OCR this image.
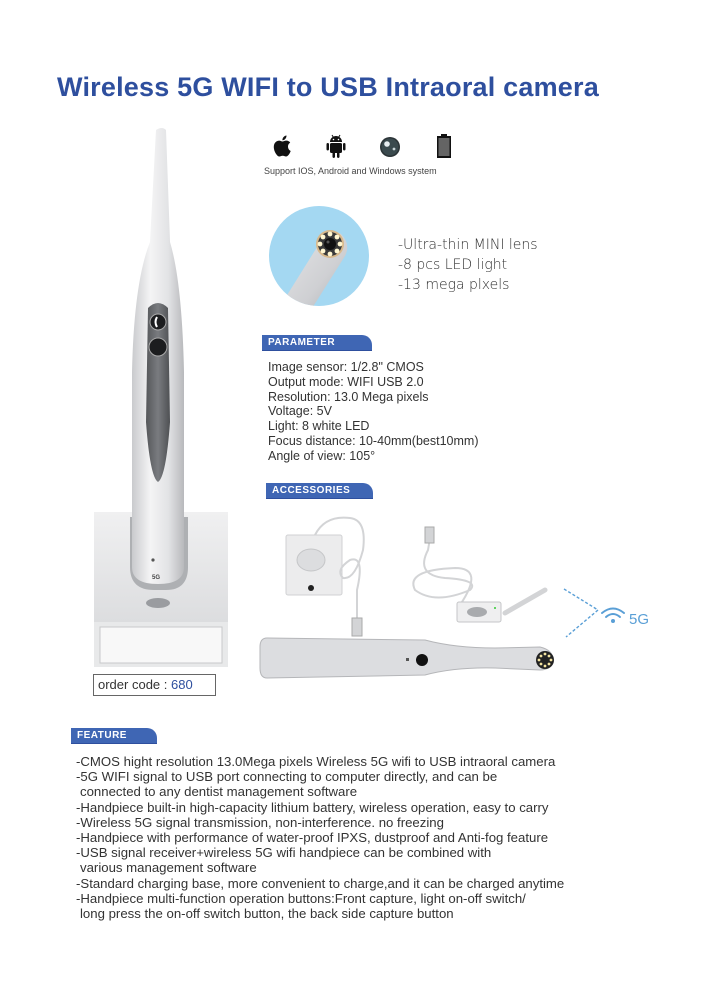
Wireless 5G WIFI to USB Intraoral camera
Support IOS, Android and Windows system
-Ultra-thin MINI lens
-8 pcs LED light
-13 mega plxels
PARAMETER
Image sensor: 1/2.8" CMOS
Output mode: WIFI USB 2.0
Resolution: 13.0 Mega pixels
Voltage: 5V
Light: 8 white LED
Focus distance: 10-40mm(best10mm)
Angle of view: 105°
5G
order code : 680
ACCESSORIES
5G
FEATURE
-CMOS hight resolution 13.0Mega pixels Wireless 5G wifi to USB intraoral camera
-5G WIFI signal to USB port connecting to computer directly, and can be
connected to any dentist management software
-Handpiece built-in high-capacity lithium battery, wireless operation, easy to carry
-Wireless 5G signal transmission, non-interference. no freezing
-Handpiece with performance of water-proof IPXS, dustproof and Anti-fog feature
-USB signal receiver+wireless 5G wifi handpiece can be combined with
various management software
-Standard charging base, more convenient to charge,and it can be charged anytime
-Handpiece multi-function operation buttons:Front capture, light on-off switch/
long press the on-off switch button, the back side capture button
